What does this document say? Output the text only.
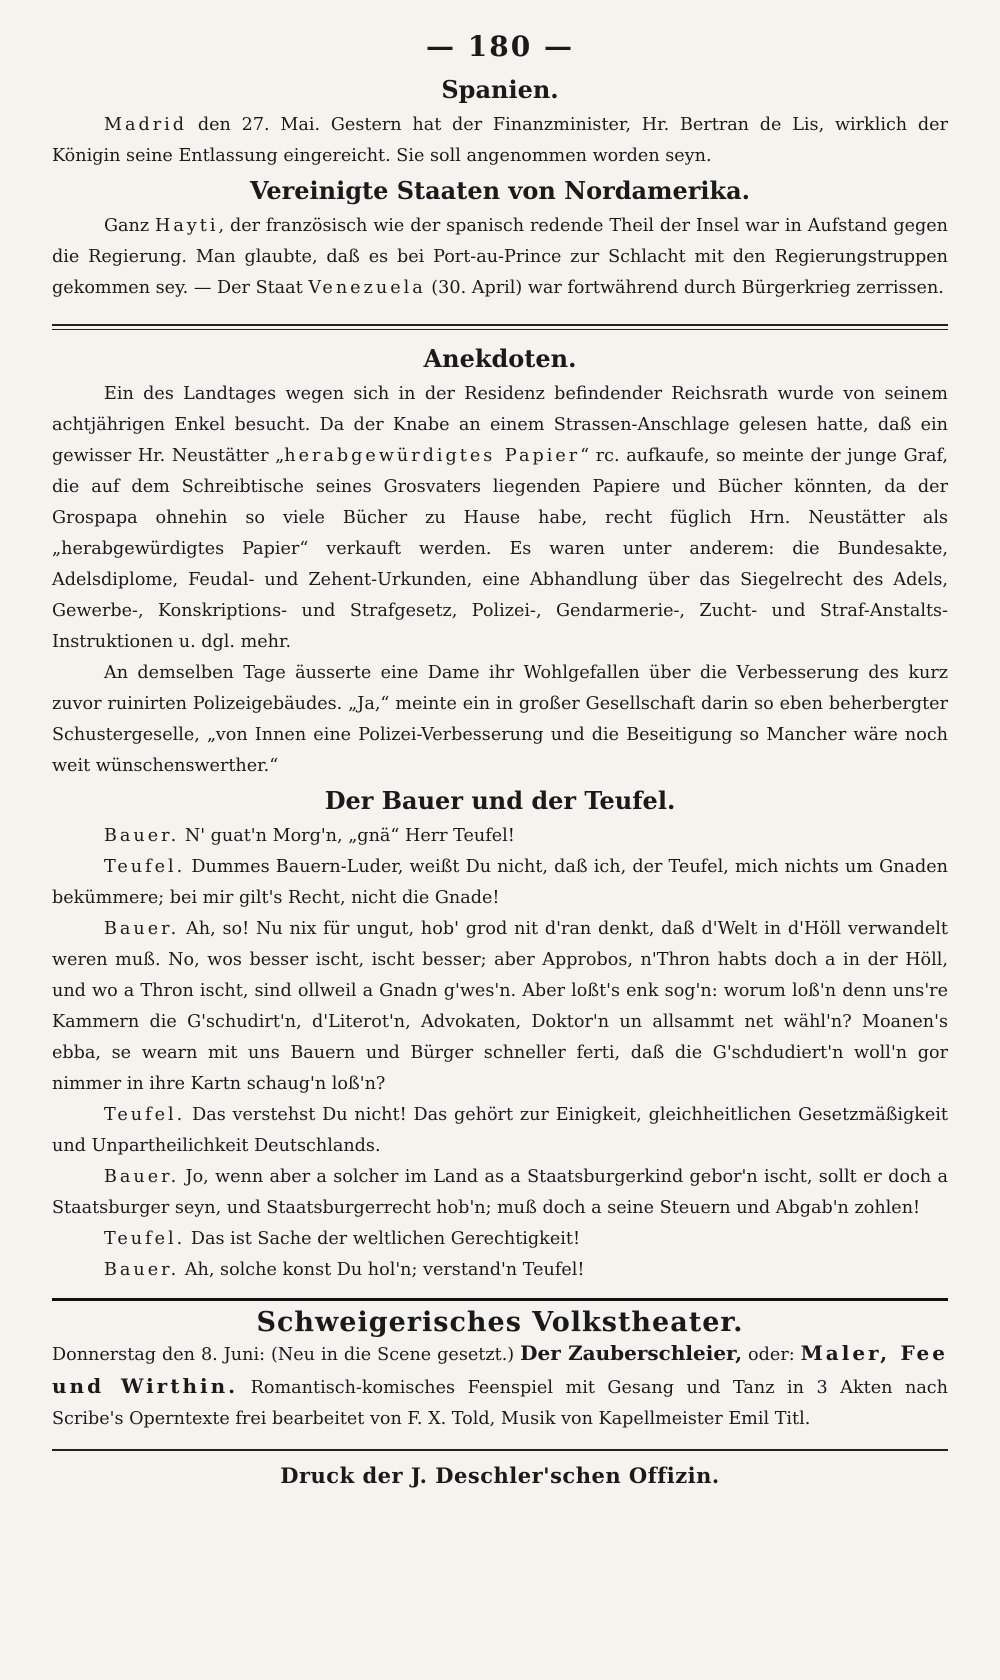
— 180 —
Spanien.

Madrid den 27. Mai. Gestern hat der Finanzminister, Hr. Bertran de Lis, wirklich der Königin seine Entlassung eingereicht. Sie soll angenommen worden seyn.

Vereinigte Staaten von Nordamerika.

Ganz Hayti, der französisch wie der spanisch redende Theil der Insel war in Aufstand gegen die Regierung. Man glaubte, daß es bei Port-au-Prince zur Schlacht mit den Regierungstruppen gekommen sey. — Der Staat Venezuela (30. April) war fortwährend durch Bürgerkrieg zerrissen.

Anekdoten.

Ein des Landtages wegen sich in der Residenz befindender Reichsrath wurde von seinem achtjährigen Enkel besucht. Da der Knabe an einem Strassen-Anschlage gelesen hatte, daß ein gewisser Hr. Neustätter „herabgewürdigtes Papier“ rc. aufkaufe, so meinte der junge Graf, die auf dem Schreibtische seines Grosvaters liegenden Papiere und Bücher könnten, da der Grospapa ohnehin so viele Bücher zu Hause habe, recht füglich Hrn. Neustätter als „herabgewürdigtes Papier“ verkauft werden. Es waren unter anderem: die Bundesakte, Adelsdiplome, Feudal- und Zehent-Urkunden, eine Abhandlung über das Siegelrecht des Adels, Gewerbe-, Konskriptions- und Strafgesetz, Polizei-, Gendarmerie-, Zucht- und Straf-Anstalts-Instruktionen u. dgl. mehr.

An demselben Tage äusserte eine Dame ihr Wohlgefallen über die Verbesserung des kurz zuvor ruinirten Polizeigebäudes. „Ja,“ meinte ein in großer Gesellschaft darin so eben beherbergter Schustergeselle, „von Innen eine Polizei-Verbesserung und die Beseitigung so Mancher wäre noch weit wünschenswerther.“

Der Bauer und der Teufel.

Bauer. N' guat'n Morg'n, „gnä“ Herr Teufel!

Teufel. Dummes Bauern-Luder, weißt Du nicht, daß ich, der Teufel, mich nichts um Gnaden bekümmere; bei mir gilt's Recht, nicht die Gnade!

Bauer. Ah, so! Nu nix für ungut, hob' grod nit d'ran denkt, daß d'Welt in d'Höll verwandelt weren muß. No, wos besser ischt, ischt besser; aber Approbos, n'Thron habts doch a in der Höll, und wo a Thron ischt, sind ollweil a Gnadn g'wes'n. Aber loßt's enk sog'n: worum loß'n denn uns're Kammern die G'schudirt'n, d'Literot'n, Advokaten, Doktor'n un allsammt net wähl'n? Moanen's ebba, se wearn mit uns Bauern und Bürger schneller ferti, daß die G'schdudiert'n woll'n gor nimmer in ihre Kartn schaug'n loß'n?

Teufel. Das verstehst Du nicht! Das gehört zur Einigkeit, gleichheitlichen Gesetzmäßigkeit und Unpartheilichkeit Deutschlands.

Bauer. Jo, wenn aber a solcher im Land as a Staatsburgerkind gebor'n ischt, sollt er doch a Staatsburger seyn, und Staatsburgerrecht hob'n; muß doch a seine Steuern und Abgab'n zohlen!

Teufel. Das ist Sache der weltlichen Gerechtigkeit!

Bauer. Ah, solche konst Du hol'n; verstand'n Teufel!

Schweigerisches Volkstheater.

Donnerstag den 8. Juni: (Neu in die Scene gesetzt.) Der Zauberschleier, oder: Maler, Fee und Wirthin. Romantisch-komisches Feenspiel mit Gesang und Tanz in 3 Akten nach Scribe's Operntexte frei bearbeitet von F. X. Told, Musik von Kapellmeister Emil Titl.

Druck der J. Deschler'schen Offizin.
